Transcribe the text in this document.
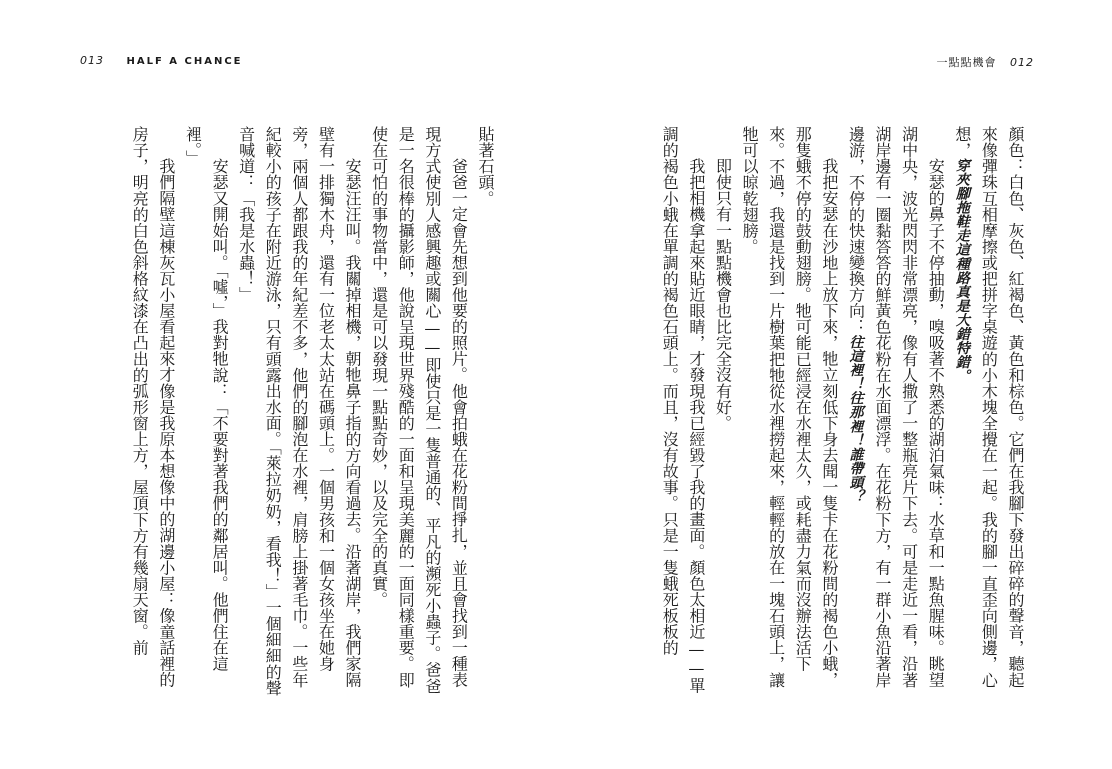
013 HALF A CHANCE	一點點機會 012

顏色：白色、灰色、紅褐色、黃色和棕色。它們在我腳下發出碎碎的聲音，聽起來像彈珠互相摩擦或把拼字桌遊的小木塊全攪在一起。我的腳一直歪向側邊，心想，穿夾腳拖鞋走這種路真是大錯特錯。

安瑟的鼻子不停抽動，嗅吸著不熟悉的湖泊氣味：水草和一點魚腥味。眺望湖中央，波光閃閃非常漂亮，像有人撒了一整瓶亮片下去。可是走近一看，沿著湖岸邊有一圈黏答答的鮮黃色花粉在水面漂浮。在花粉下方，有一群小魚沿著岸邊游，不停的快速變換方向：往這裡！往那裡！誰帶頭？

我把安瑟在沙地上放下來，牠立刻低下身去聞一隻卡在花粉間的褐色小蛾，那隻蛾不停的鼓動翅膀。牠可能已經浸在水裡太久，或耗盡力氣而沒辦法活下來。不過，我還是找到一片樹葉把牠從水裡撈起來，輕輕的放在一塊石頭上，讓牠可以晾乾翅膀。

即使只有一點點機會也比完全沒有好。

我把相機拿起來貼近眼睛，才發現我已經毀了我的畫面。顏色太相近——單調的褐色小蛾在單調的褐色石頭上。而且，沒有故事。只是一隻蛾死板板的

貼著石頭。

爸爸一定會先想到他要的照片。他會拍蛾在花粉間掙扎，並且會找到一種表現方式使別人感興趣或關心——即使只是一隻普通的、平凡的瀕死小蟲子。爸爸是一名很棒的攝影師，他說呈現世界殘酷的一面和呈現美麗的一面同樣重要。即使在可怕的事物當中，還是可以發現一點點奇妙，以及完全的真實。

安瑟汪汪叫。我關掉相機，朝牠鼻子指的方向看過去。沿著湖岸，我們家隔壁有一排獨木舟，還有一位老太太站在碼頭上。一個男孩和一個女孩坐在她身旁，兩個人都跟我的年紀差不多，他們的腳泡在水裡，肩膀上掛著毛巾。一些年紀較小的孩子在附近游泳，只有頭露出水面。「萊拉奶奶，看我！」一個細細的聲音喊道：「我是水蟲！」

安瑟又開始叫。「噓，」我對牠說：「不要對著我們的鄰居叫。他們住在這裡。」

我們隔壁這棟灰瓦小屋看起來才像是我原本想像中的湖邊小屋：像童話裡的房子，明亮的白色斜格紋漆在凸出的弧形窗上方，屋頂下方有幾扇天窗。前
